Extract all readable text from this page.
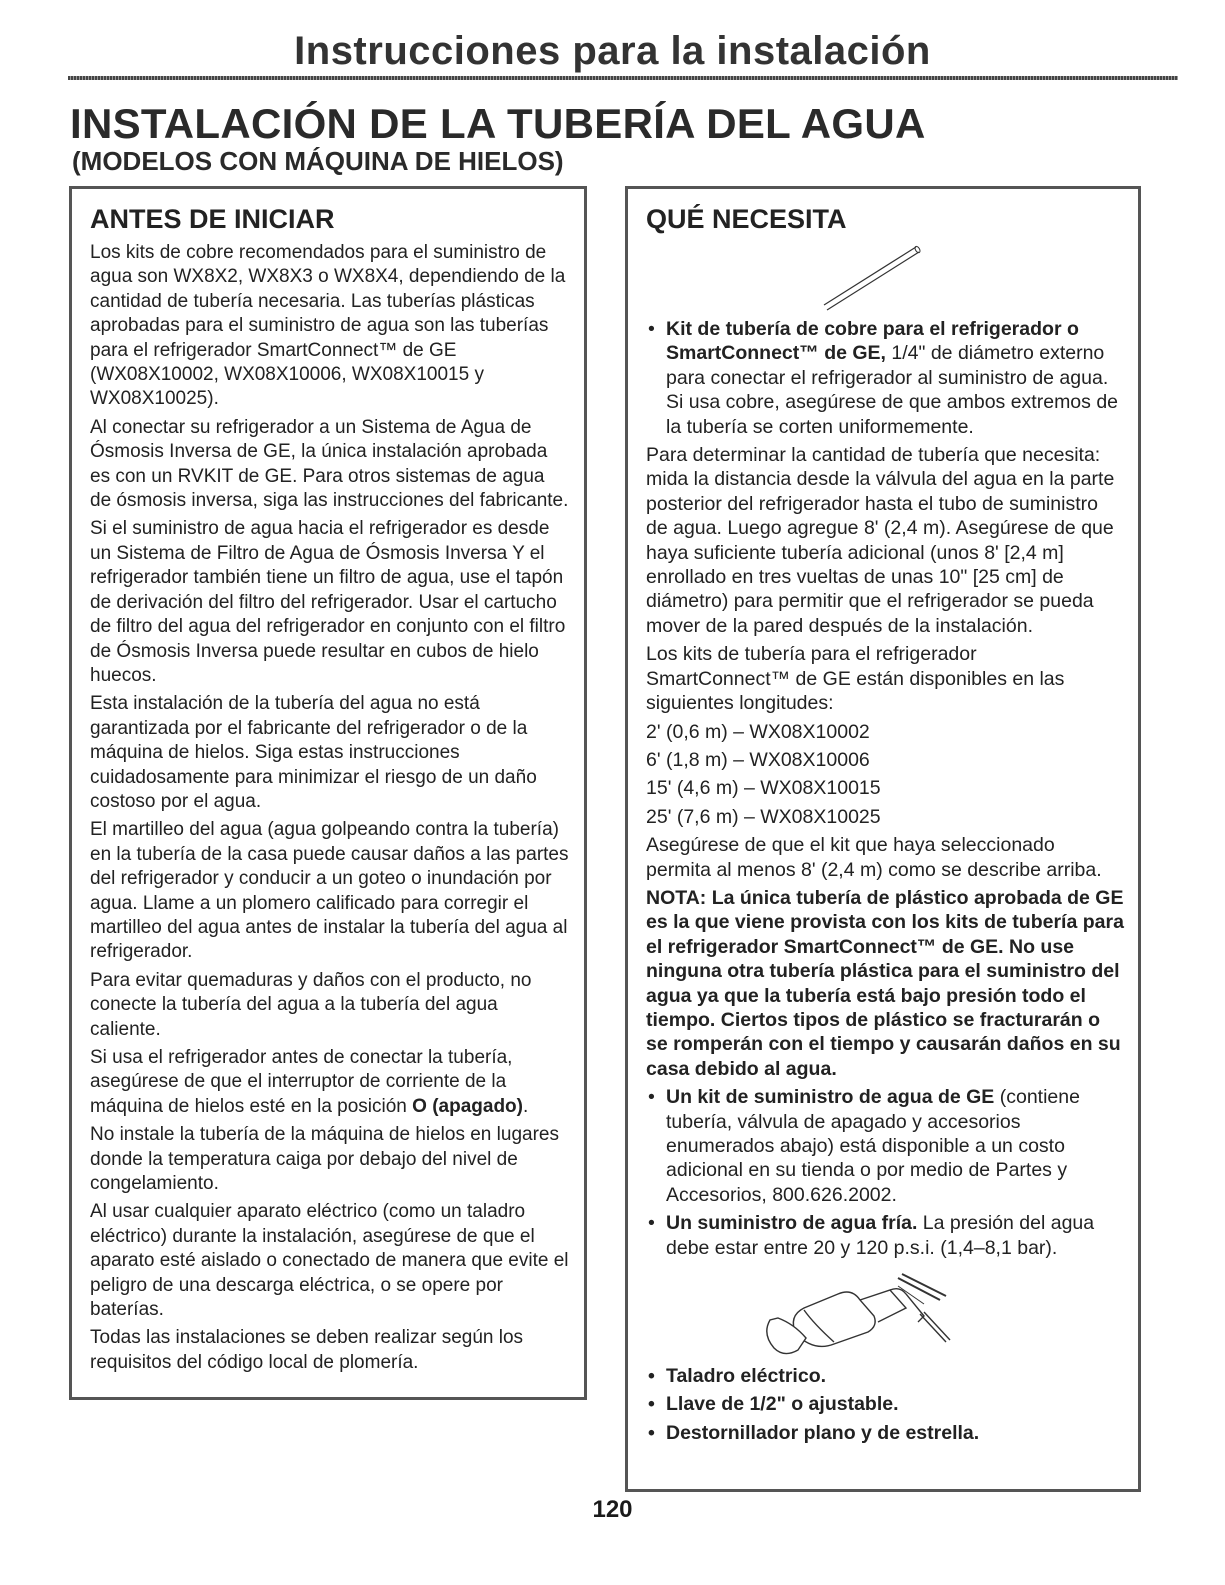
Instrucciones para la instalación
INSTALACIÓN DE LA TUBERÍA DEL AGUA
(MODELOS CON MÁQUINA DE HIELOS)
ANTES DE INICIAR

Los kits de cobre recomendados para el suministro de agua son WX8X2, WX8X3 o WX8X4, dependiendo de la cantidad de tubería necesaria. Las tuberías plásticas aprobadas para el suministro de agua son las tuberías para el refrigerador SmartConnect™ de GE (WX08X10002, WX08X10006, WX08X10015 y WX08X10025).

Al conectar su refrigerador a un Sistema de Agua de Ósmosis Inversa de GE, la única instalación aprobada es con un RVKIT de GE. Para otros sistemas de agua de ósmosis inversa, siga las instrucciones del fabricante.

Si el suministro de agua hacia el refrigerador es desde un Sistema de Filtro de Agua de Ósmosis Inversa Y el refrigerador también tiene un filtro de agua, use el tapón de derivación del filtro del refrigerador. Usar el cartucho de filtro del agua del refrigerador en conjunto con el filtro de Ósmosis Inversa puede resultar en cubos de hielo huecos.

Esta instalación de la tubería del agua no está garantizada por el fabricante del refrigerador o de la máquina de hielos. Siga estas instrucciones cuidadosamente para minimizar el riesgo de un daño costoso por el agua.

El martilleo del agua (agua golpeando contra la tubería) en la tubería de la casa puede causar daños a las partes del refrigerador y conducir a un goteo o inundación por agua. Llame a un plomero calificado para corregir el martilleo del agua antes de instalar la tubería del agua al refrigerador.

Para evitar quemaduras y daños con el producto, no conecte la tubería del agua a la tubería del agua caliente.

Si usa el refrigerador antes de conectar la tubería, asegúrese de que el interruptor de corriente de la máquina de hielos esté en la posición O (apagado).

No instale la tubería de la máquina de hielos en lugares donde la temperatura caiga por debajo del nivel de congelamiento.

Al usar cualquier aparato eléctrico (como un taladro eléctrico) durante la instalación, asegúrese de que el aparato esté aislado o conectado de manera que evite el peligro de una descarga eléctrica, o se opere por baterías.

Todas las instalaciones se deben realizar según los requisitos del código local de plomería.

QUÉ NECESITA
• Kit de tubería de cobre para el refrigerador o SmartConnect™ de GE, 1/4" de diámetro externo para conectar el refrigerador al suministro de agua. Si usa cobre, asegúrese de que ambos extremos de la tubería se corten uniformemente.

Para determinar la cantidad de tubería que necesita: mida la distancia desde la válvula del agua en la parte posterior del refrigerador hasta el tubo de suministro de agua. Luego agregue 8' (2,4 m). Asegúrese de que haya suficiente tubería adicional (unos 8' [2,4 m] enrollado en tres vueltas de unas 10" [25 cm] de diámetro) para permitir que el refrigerador se pueda mover de la pared después de la instalación.

Los kits de tubería para el refrigerador SmartConnect™ de GE están disponibles en las siguientes longitudes:

2' (0,6 m) – WX08X10002

6' (1,8 m) – WX08X10006

15' (4,6 m) – WX08X10015

25' (7,6 m) – WX08X10025

Asegúrese de que el kit que haya seleccionado permita al menos 8' (2,4 m) como se describe arriba.

NOTA: La única tubería de plástico aprobada de GE es la que viene provista con los kits de tubería para el refrigerador SmartConnect™ de GE. No use ninguna otra tubería plástica para el suministro del agua ya que la tubería está bajo presión todo el tiempo. Ciertos tipos de plástico se fracturarán o se romperán con el tiempo y causarán daños en su casa debido al agua.

• Un kit de suministro de agua de GE (contiene tubería, válvula de apagado y accesorios enumerados abajo) está disponible a un costo adicional en su tienda o por medio de Partes y Accesorios, 800.626.2002.
• Un suministro de agua fría. La presión del agua debe estar entre 20 y 120 p.s.i. (1,4–8,1 bar).
• Taladro eléctrico.
• Llave de 1/2" o ajustable.
• Destornillador plano y de estrella.
120
